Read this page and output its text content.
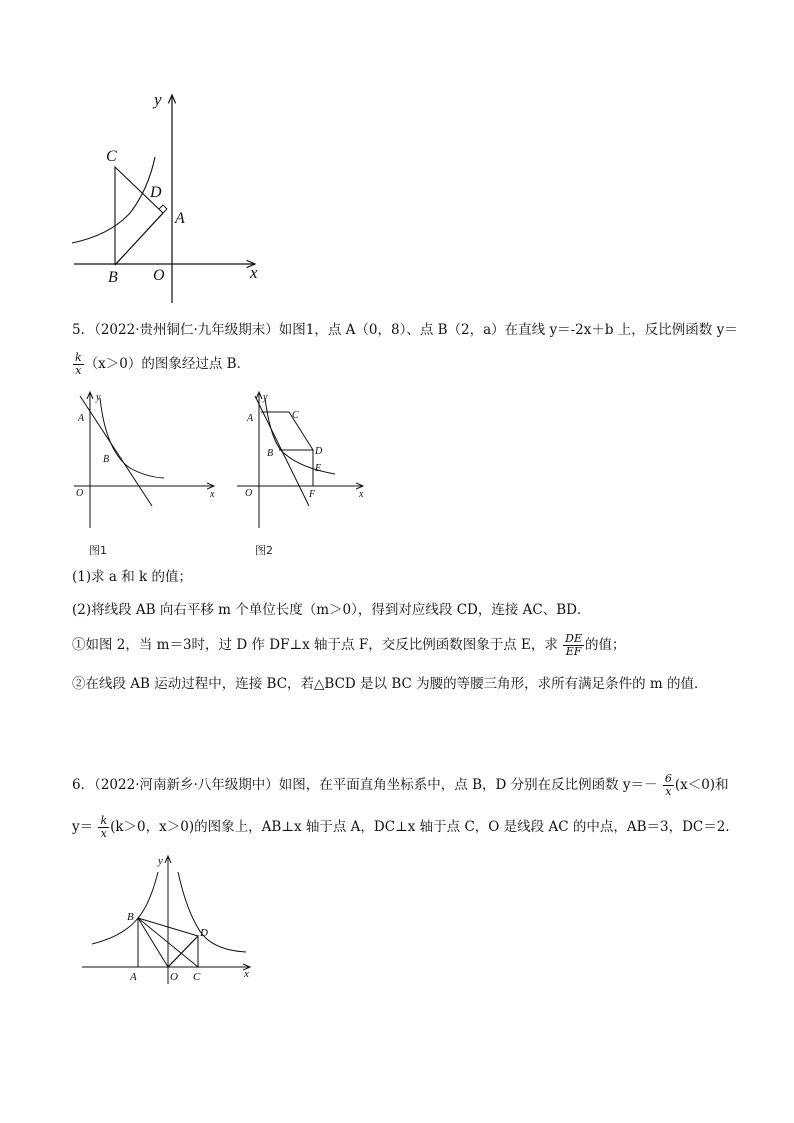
y
x
C
D
A
B O
5．（2022·贵州铜仁·九年级期末）如图1，点 A（0，8）、点 B（2，a）在直线 y＝-2x＋b 上，反比例函数 y＝
$\frac{k}{x} (x>0)$的图象经过点 B．
y
x
A
B
O
图1
y
x
A
B
C
D
E
F
O
图2
(1)求 a 和 k 的值；
(2)将线段 AB 向右平移 m 个单位长度（m＞0），得到对应线段 CD，连接 AC、BD．
①如图 2，当 m＝3时，过 D 作 DF⊥x 轴于点 F，交反比例函数图象于点 E，求 $\frac{DE}{EF}$ 的值；
②在线段 AB 运动过程中，连接 BC，若△BCD 是以 BC 为腰的等腰三角形，求所有满足条件的 m 的值．
6．（2022·河南新乡·八年级期中）如图，在平面直角坐标系中，点 B，D 分别在反比例函数 $y=- \frac{6}{x} (x<0)$和
$y= \frac{k}{x} (k>0$，x＞0)的图象上，AB⊥x 轴于点 A，DC⊥x 轴于点 C，O 是线段 AC 的中点，AB＝3，DC＝2．
y
x
B
D
A	O C
